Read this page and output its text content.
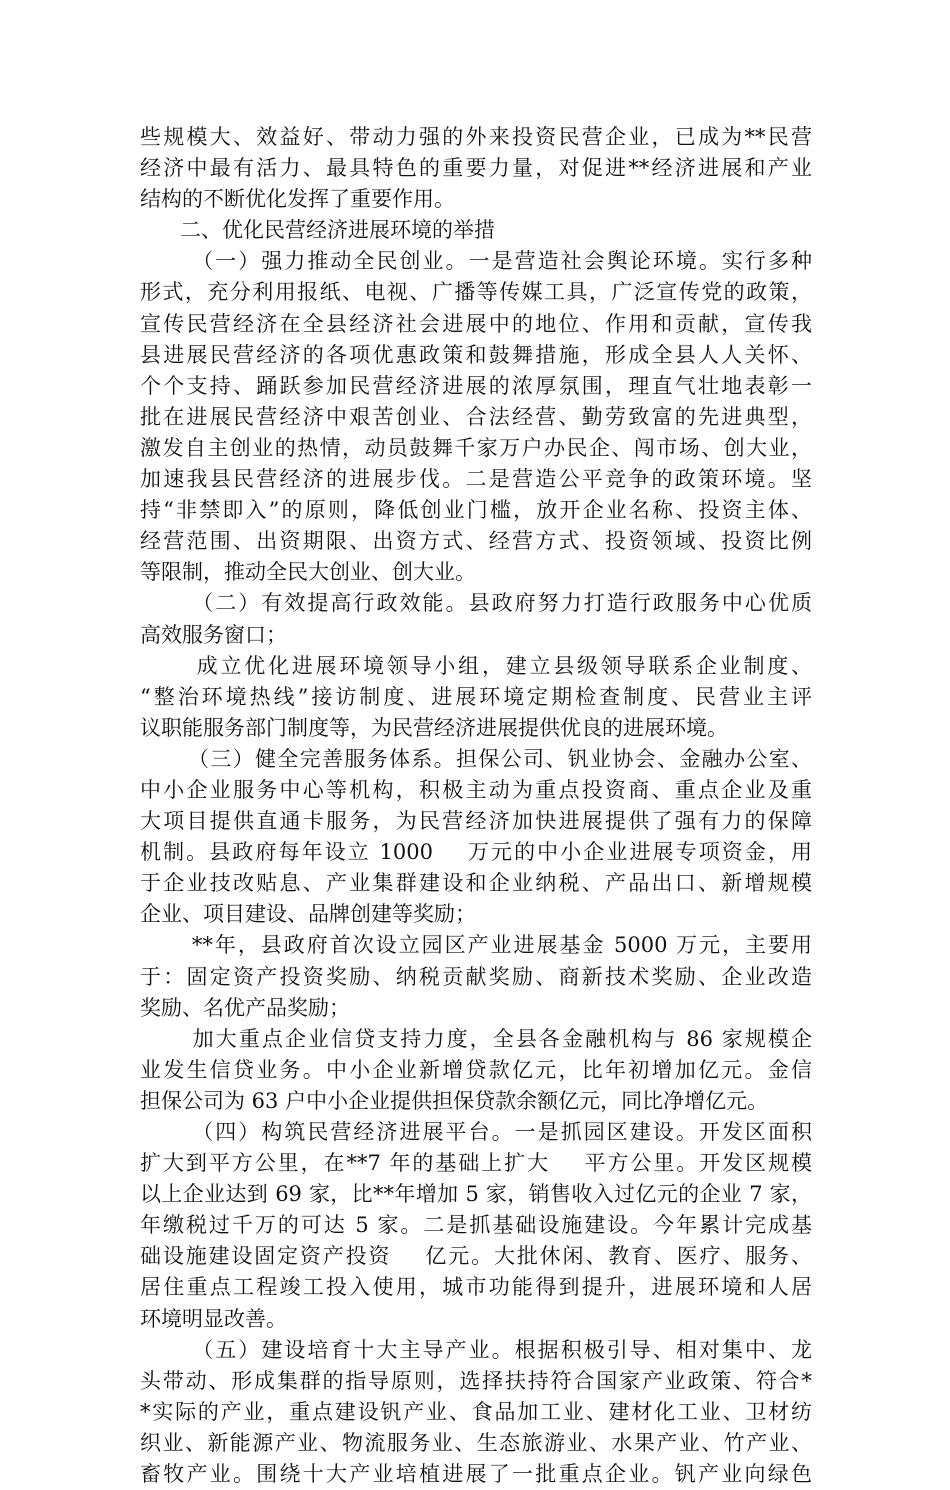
些规模大、效益好、带动力强的外来投资民营企业，已成为**民营
经济中最有活力、最具特色的重要力量，对促进**经济进展和产业
结构的不断优化发挥了重要作用。
二、优化民营经济进展环境的举措
（一）强力推动全民创业。一是营造社会舆论环境。实行多种
形式，充分利用报纸、电视、广播等传媒工具，广泛宣传党的政策，
宣传民营经济在全县经济社会进展中的地位、作用和贡献，宣传我
县进展民营经济的各项优惠政策和鼓舞措施，形成全县人人关怀、
个个支持、踊跃参加民营经济进展的浓厚氛围，理直气壮地表彰一
批在进展民营经济中艰苦创业、合法经营、勤劳致富的先进典型，
激发自主创业的热情，动员鼓舞千家万户办民企、闯市场、创大业，
加速我县民营经济的进展步伐。二是营造公平竞争的政策环境。坚
持“非禁即入”的原则，降低创业门槛，放开企业名称、投资主体、
经营范围、出资期限、出资方式、经营方式、投资领域、投资比例
等限制，推动全民大创业、创大业。
（二）有效提高行政效能。县政府努力打造行政服务中心优质
高效服务窗口；
成立优化进展环境领导小组，建立县级领导联系企业制度、
“整治环境热线”接访制度、进展环境定期检查制度、民营业主评
议职能服务部门制度等，为民营经济进展提供优良的进展环境。
（三）健全完善服务体系。担保公司、钒业协会、金融办公室、
中小企业服务中心等机构，积极主动为重点投资商、重点企业及重
大项目提供直通卡服务，为民营经济加快进展提供了强有力的保障
机制。县政府每年设立 1000    万元的中小企业进展专项资金，用
于企业技改贴息、产业集群建设和企业纳税、产品出口、新增规模
企业、项目建设、品牌创建等奖励；
**年，县政府首次设立园区产业进展基金 5000 万元，主要用
于：固定资产投资奖励、纳税贡献奖励、商新技术奖励、企业改造
奖励、名优产品奖励；
加大重点企业信贷支持力度，全县各金融机构与 86 家规模企
业发生信贷业务。中小企业新增贷款亿元，比年初增加亿元。金信
担保公司为 63 户中小企业提供担保贷款余额亿元，同比净增亿元。
（四）构筑民营经济进展平台。一是抓园区建设。开发区面积
扩大到平方公里，在**7 年的基础上扩大    平方公里。开发区规模
以上企业达到 69 家，比**年增加 5 家，销售收入过亿元的企业 7 家，
年缴税过千万的可达 5 家。二是抓基础设施建设。今年累计完成基
础设施建设固定资产投资    亿元。大批休闲、教育、医疗、服务、
居住重点工程竣工投入使用，城市功能得到提升，进展环境和人居
环境明显改善。
（五）建设培育十大主导产业。根据积极引导、相对集中、龙
头带动、形成集群的指导原则，选择扶持符合国家产业政策、符合*
*实际的产业，重点建设钒产业、食品加工业、建材化工业、卫材纺
织业、新能源产业、物流服务业、生态旅游业、水果产业、竹产业、
畜牧产业。围绕十大产业培植进展了一批重点企业。钒产业向绿色
